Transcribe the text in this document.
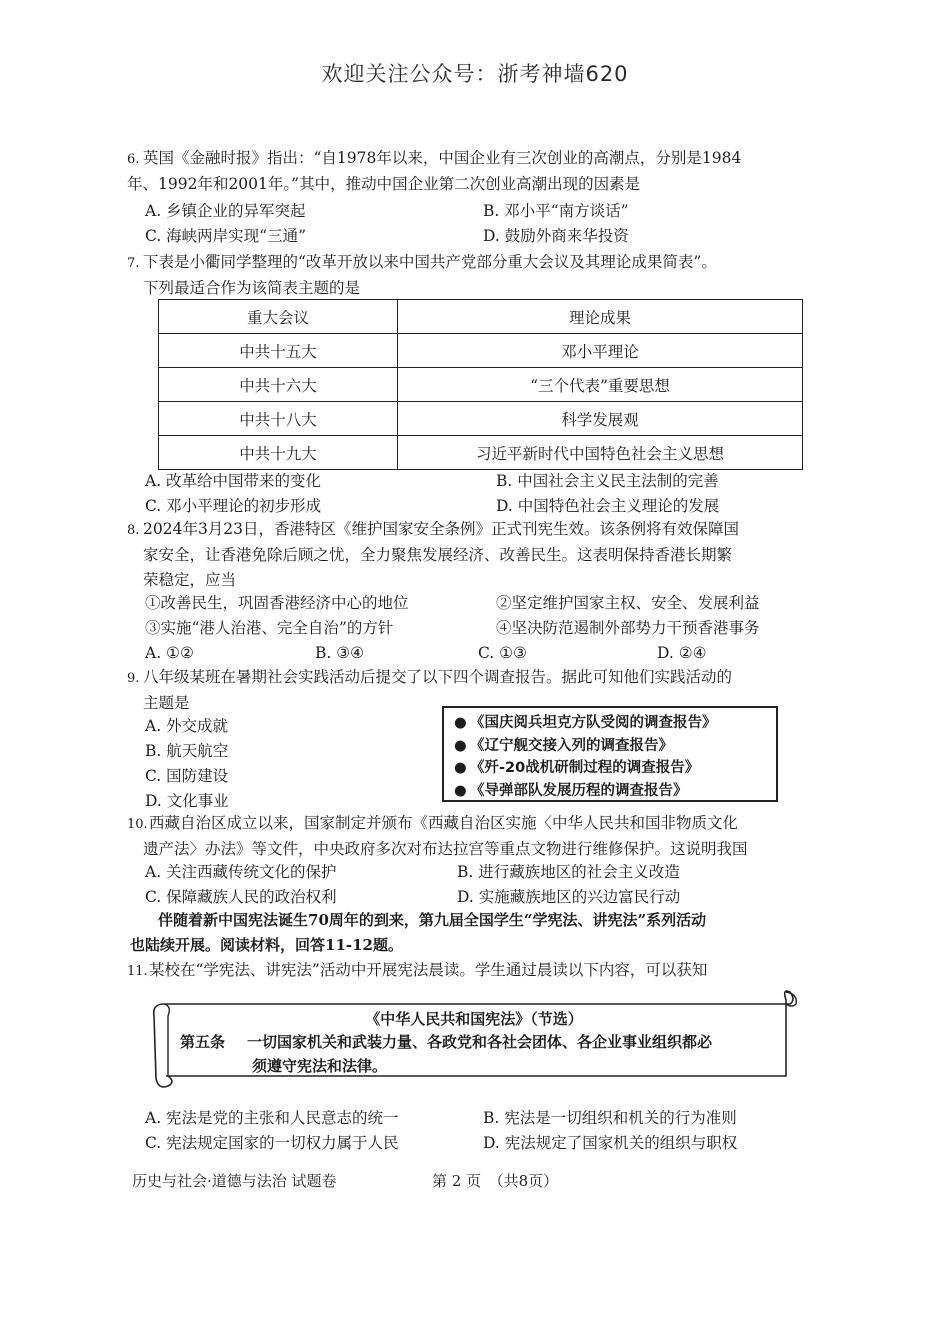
欢迎关注公众号：浙考神墙620
6. 英国《金融时报》指出：“自1978年以来，中国企业有三次创业的高潮点，分别是1984
年、1992年和2001年。”其中，推动中国企业第二次创业高潮出现的因素是
A. 乡镇企业的异军突起	B. 邓小平“南方谈话”
C. 海峡两岸实现“三通”	D. 鼓励外商来华投资
7. 下表是小衢同学整理的“改革开放以来中国共产党部分重大会议及其理论成果简表”。
下列最适合作为该简表主题的是
重大会议	理论成果
中共十五大	邓小平理论
中共十六大	“三个代表”重要思想
中共十八大	科学发展观
中共十九大	习近平新时代中国特色社会主义思想
A. 改革给中国带来的变化	B. 中国社会主义民主法制的完善
C. 邓小平理论的初步形成	D. 中国特色社会主义理论的发展
8. 2024年3月23日，香港特区《维护国家安全条例》正式刊宪生效。该条例将有效保障国
家安全，让香港免除后顾之忧，全力聚焦发展经济、改善民生。这表明保持香港长期繁
荣稳定，应当
①改善民生，巩固香港经济中心的地位	②坚定维护国家主权、安全、发展利益
③实施“港人治港、完全自治”的方针	④坚决防范遏制外部势力干预香港事务
A. ①②	B. ③④	C. ①③	D. ②④
9. 八年级某班在暑期社会实践活动后提交了以下四个调查报告。据此可知他们实践活动的
主题是
A. 外交成就
B. 航天航空
C. 国防建设
D. 文化事业
● 《国庆阅兵坦克方队受阅的调查报告》
● 《辽宁舰交接入列的调查报告》
● 《歼-20战机研制过程的调查报告》
● 《导弹部队发展历程的调查报告》
10.西藏自治区成立以来，国家制定并颁布《西藏自治区实施〈中华人民共和国非物质文化
遗产法〉办法》等文件，中央政府多次对布达拉宫等重点文物进行维修保护。这说明我国
A. 关注西藏传统文化的保护	B. 进行藏族地区的社会主义改造
C. 保障藏族人民的政治权利	D. 实施藏族地区的兴边富民行动
伴随着新中国宪法诞生70周年的到来，第九届全国学生“学宪法、讲宪法”系列活动
也陆续开展。阅读材料，回答11-12题。
11.某校在“学宪法、讲宪法”活动中开展宪法晨读。学生通过晨读以下内容，可以获知
《中华人民共和国宪法》（节选）
第五条 一切国家机关和武装力量、各政党和各社会团体、各企业事业组织都必
须遵守宪法和法律。
A. 宪法是党的主张和人民意志的统一	B. 宪法是一切组织和机关的行为准则
C. 宪法规定国家的一切权力属于人民	D. 宪法规定了国家机关的组织与职权
历史与社会·道德与法治 试题卷	第 2 页　（共8页）
